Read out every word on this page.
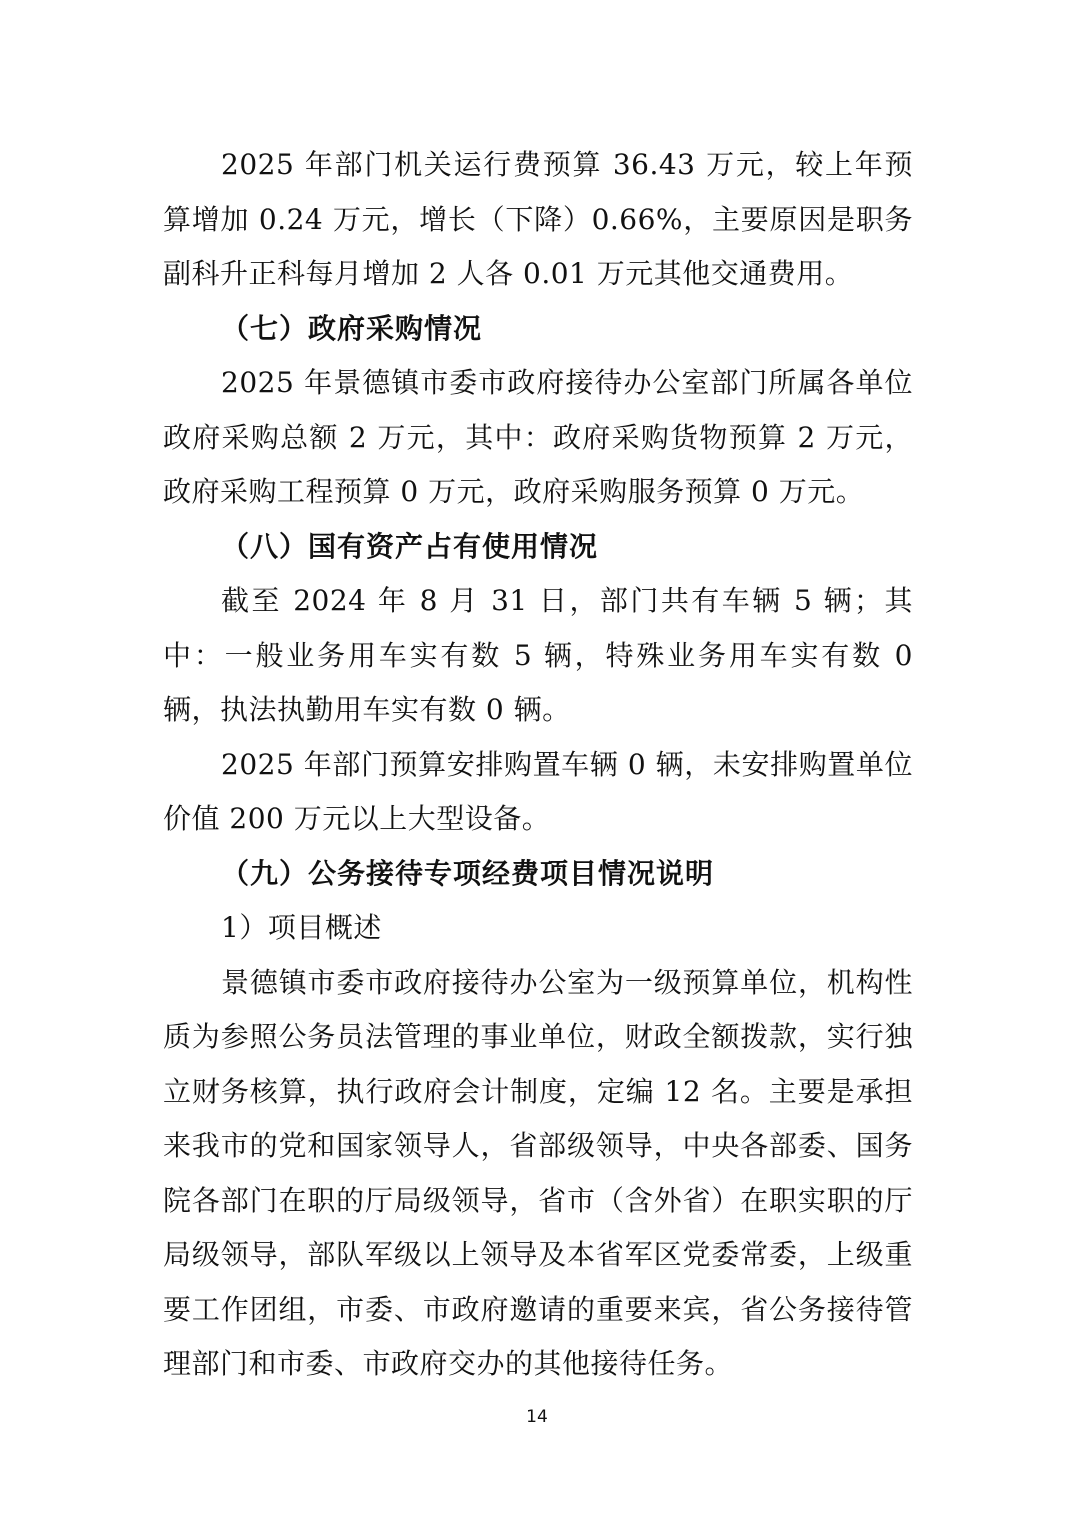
2025 年部门机关运行费预算 36.43 万元，较上年预算增加 0.24 万元，增长（下降）0.66%，主要原因是职务副科升正科每月增加 2 人各 0.01 万元其他交通费用。

（七）政府采购情况

2025 年景德镇市委市政府接待办公室部门所属各单位政府采购总额 2 万元，其中：政府采购货物预算 2 万元，政府采购工程预算 0 万元，政府采购服务预算 0 万元。

（八）国有资产占有使用情况

截至 2024 年 8 月 31 日，部门共有车辆 5 辆；其中：一般业务用车实有数 5 辆，特殊业务用车实有数 0 辆，执法执勤用车实有数 0 辆。

2025 年部门预算安排购置车辆 0 辆，未安排购置单位价值 200 万元以上大型设备。

（九）公务接待专项经费项目情况说明

1）项目概述

景德镇市委市政府接待办公室为一级预算单位，机构性质为参照公务员法管理的事业单位，财政全额拨款，实行独立财务核算，执行政府会计制度，定编 12 名。主要是承担来我市的党和国家领导人，省部级领导，中央各部委、国务院各部门在职的厅局级领导，省市（含外省）在职实职的厅局级领导，部队军级以上领导及本省军区党委常委，上级重要工作团组，市委、市政府邀请的重要来宾，省公务接待管理部门和市委、市政府交办的其他接待任务。

14
